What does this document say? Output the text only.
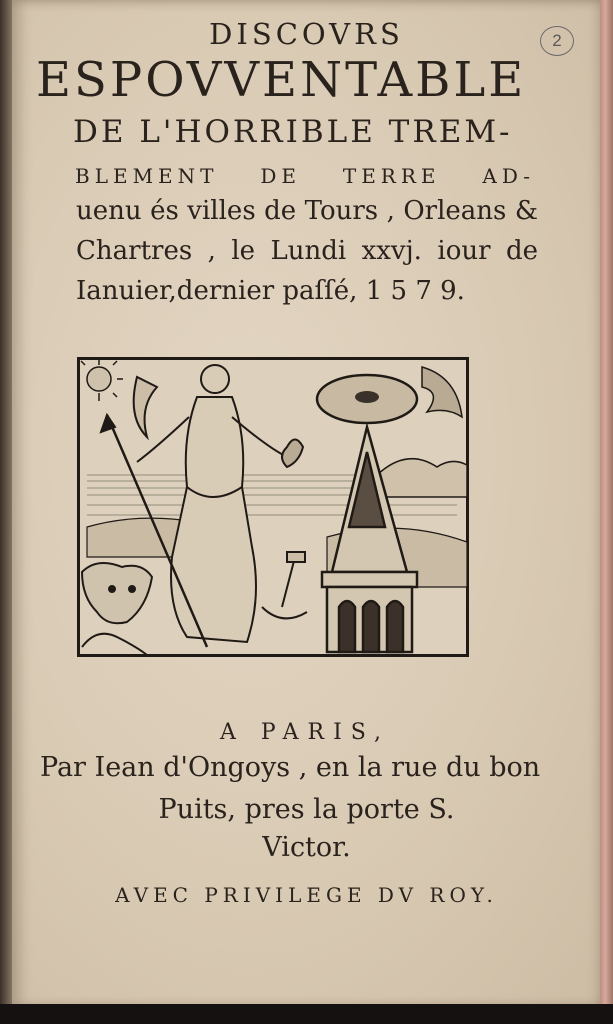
2
DISCOVRS
ESPOVVENTABLE
DE L'HORRIBLE TREM-
BLEMENT DE TERRE AD-
uenu és villes de Tours , Orleans &
Chartres , le Lundi xxvj. iour de
Ianuier,dernier paſſé, 1 5 7 9.
A PARIS,
Par Iean d'Ongoys , en la rue du bon
Puits, pres la porte S.
Victor.
AVEC PRIVILEGE DV ROY.
